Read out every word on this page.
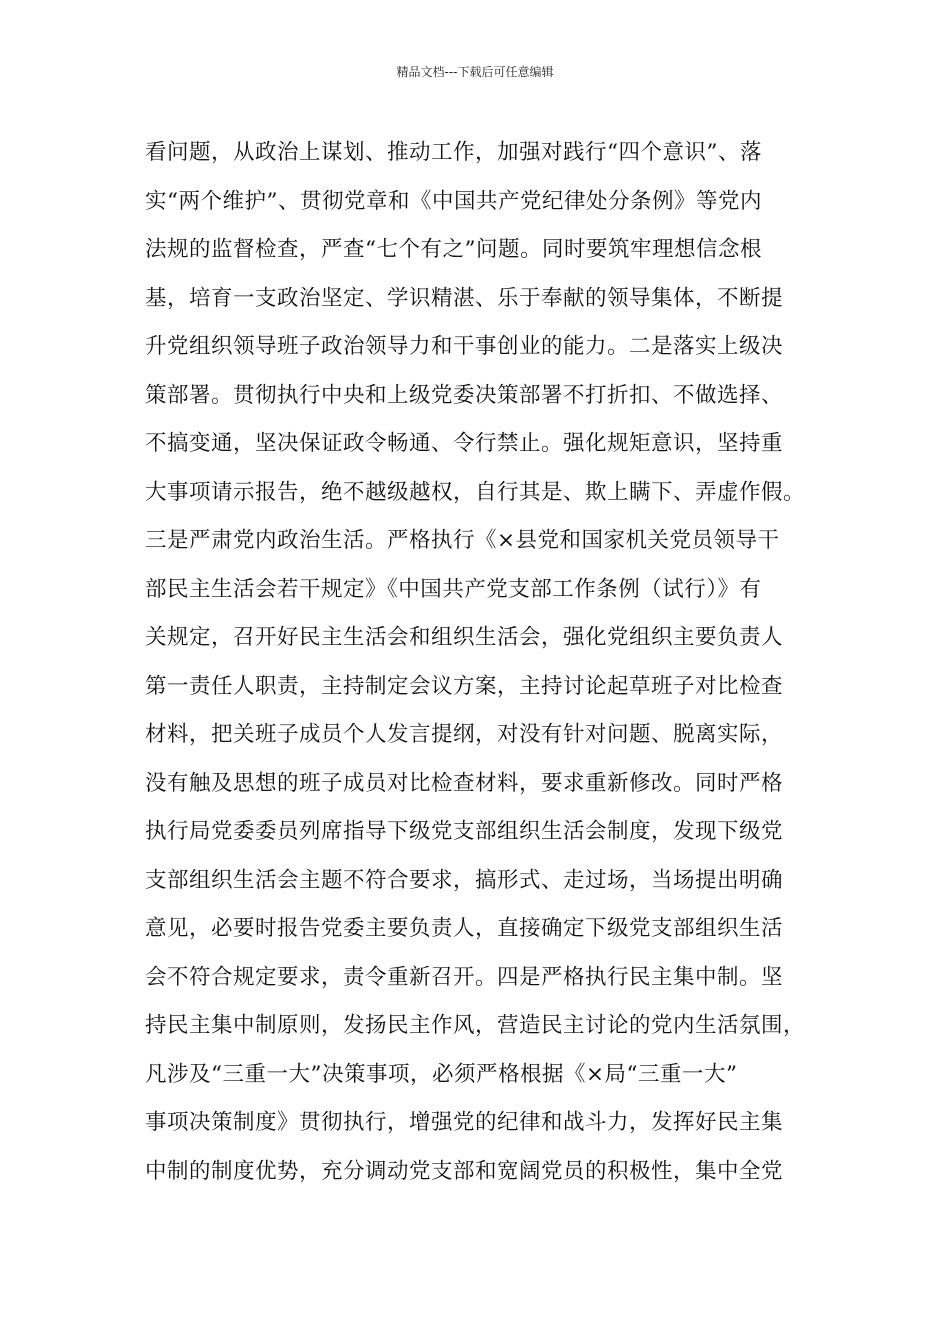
精品文档---下载后可任意编辑
看问题，从政治上谋划、推动工作，加强对践行“四个意识”、落
实“两个维护”、贯彻党章和《中国共产党纪律处分条例》等党内
法规的监督检查，严查“七个有之”问题。同时要筑牢理想信念根
基，培育一支政治坚定、学识精湛、乐于奉献的领导集体，不断提
升党组织领导班子政治领导力和干事创业的能力。二是落实上级决
策部署。贯彻执行中央和上级党委决策部署不打折扣、不做选择、
不搞变通，坚决保证政令畅通、令行禁止。强化规矩意识，坚持重
大事项请示报告，绝不越级越权，自行其是、欺上瞒下、弄虚作假。
三是严肃党内政治生活。严格执行《×县党和国家机关党员领导干
部民主生活会若干规定》《中国共产党支部工作条例（试行）》有
关规定，召开好民主生活会和组织生活会，强化党组织主要负责人
第一责任人职责，主持制定会议方案，主持讨论起草班子对比检查
材料，把关班子成员个人发言提纲，对没有针对问题、脱离实际，
没有触及思想的班子成员对比检查材料，要求重新修改。同时严格
执行局党委委员列席指导下级党支部组织生活会制度，发现下级党
支部组织生活会主题不符合要求，搞形式、走过场，当场提出明确
意见，必要时报告党委主要负责人，直接确定下级党支部组织生活
会不符合规定要求，责令重新召开。四是严格执行民主集中制。坚
持民主集中制原则，发扬民主作风，营造民主讨论的党内生活氛围，
凡涉及“三重一大”决策事项，必须严格根据《×局“三重一大”
事项决策制度》贯彻执行，增强党的纪律和战斗力，发挥好民主集
中制的制度优势，充分调动党支部和宽阔党员的积极性，集中全党
